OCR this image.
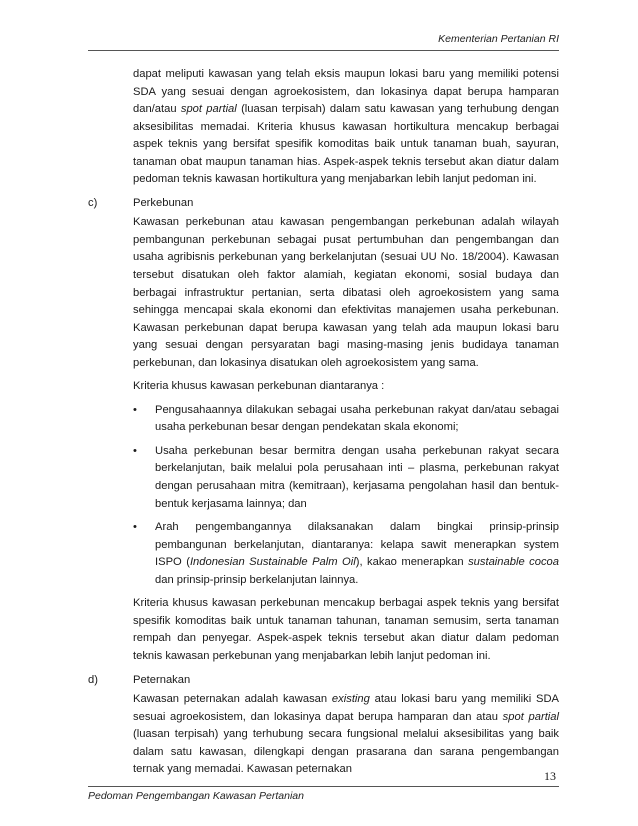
Kementerian Pertanian RI

dapat meliputi kawasan yang telah eksis maupun lokasi baru yang memiliki potensi SDA yang sesuai dengan agroekosistem, dan lokasinya dapat berupa hamparan dan/atau spot partial (luasan terpisah) dalam satu kawasan yang terhubung dengan aksesibilitas memadai. Kriteria khusus kawasan hortikultura mencakup berbagai aspek teknis yang bersifat spesifik komoditas baik untuk tanaman buah, sayuran, tanaman obat maupun tanaman hias. Aspek-aspek teknis tersebut akan diatur dalam pedoman teknis kawasan hortikultura yang menjabarkan lebih lanjut pedoman ini.

c)	Perkebunan

Kawasan perkebunan atau kawasan pengembangan perkebunan adalah wilayah pembangunan perkebunan sebagai pusat pertumbuhan dan pengembangan dan usaha agribisnis perkebunan yang berkelanjutan (sesuai UU No. 18/2004). Kawasan tersebut disatukan oleh faktor alamiah, kegiatan ekonomi, sosial budaya dan berbagai infrastruktur pertanian, serta dibatasi oleh agroekosistem yang sama sehingga mencapai skala ekonomi dan efektivitas manajemen usaha perkebunan. Kawasan perkebunan dapat berupa kawasan yang telah ada maupun lokasi baru yang sesuai dengan persyaratan bagi masing-masing jenis budidaya tanaman perkebunan, dan lokasinya disatukan oleh agroekosistem yang sama.

Kriteria khusus kawasan perkebunan diantaranya :

•	Pengusahaannya dilakukan sebagai usaha perkebunan rakyat dan/atau sebagai usaha perkebunan besar dengan pendekatan skala ekonomi;
•	Usaha perkebunan besar bermitra dengan usaha perkebunan rakyat secara berkelanjutan, baik melalui pola perusahaan inti – plasma, perkebunan rakyat dengan perusahaan mitra (kemitraan), kerjasama pengolahan hasil dan bentuk-bentuk kerjasama lainnya; dan
•	Arah pengembangannya dilaksanakan dalam bingkai prinsip-prinsip pembangunan berkelanjutan, diantaranya: kelapa sawit menerapkan system ISPO (Indonesian Sustainable Palm Oil), kakao menerapkan sustainable cocoa dan prinsip-prinsip berkelanjutan lainnya.

Kriteria khusus kawasan perkebunan mencakup berbagai aspek teknis yang bersifat spesifik komoditas baik untuk tanaman tahunan, tanaman semusim, serta tanaman rempah dan penyegar. Aspek-aspek teknis tersebut akan diatur dalam pedoman teknis kawasan perkebunan yang menjabarkan lebih lanjut pedoman ini.

d)	Peternakan

Kawasan peternakan adalah kawasan existing atau lokasi baru yang memiliki SDA sesuai agroekosistem, dan lokasinya dapat berupa hamparan dan atau spot partial (luasan terpisah) yang terhubung secara fungsional melalui aksesibilitas yang baik dalam satu kawasan, dilengkapi dengan prasarana dan sarana pengembangan ternak yang memadai. Kawasan peternakan	13
Pedoman Pengembangan Kawasan Pertanian
